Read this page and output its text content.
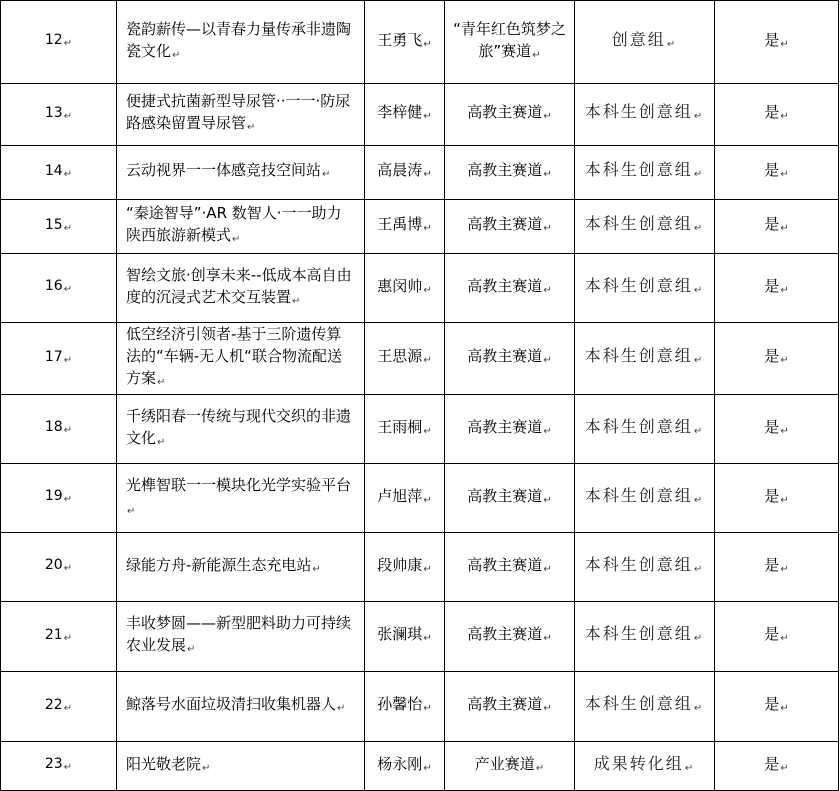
12↵	瓷韵薪传—以青春力量传承非遗陶瓷文化↵	王勇飞↵	“青年红色筑梦之旅”赛道↵	创意组↵	是↵
13↵	便捷式抗菌新型导尿管··一一·防尿路感染留置导尿管↵	李梓健↵	高教主赛道↵	本科生创意组↵	是↵
14↵	云动视界一一体感竞技空间站↵	高晨涛↵	高教主赛道↵	本科生创意组↵	是↵
15↵	“秦途智导”·AR 数智人·一一助力陕西旅游新模式↵	王禹博↵	高教主赛道↵	本科生创意组↵	是↵
16↵	智绘文旅·创享未来--低成本高自由度的沉浸式艺术交互装置↵	惠闵帅↵	高教主赛道↵	本科生创意组↵	是↵
17↵	低空经济引领者-基于三阶遗传算法的“车辆-无人机“联合物流配送方案↵	王思源↵	高教主赛道↵	本科生创意组↵	是↵
18↵	千绣阳春一传统与现代交织的非遗文化↵	王雨桐↵	高教主赛道↵	本科生创意组↵	是↵
19↵	光榫智联一一模块化光学实验平台↵	卢旭萍↵	高教主赛道↵	本科生创意组↵	是↵
20↵	绿能方舟-新能源生态充电站↵	段帅康↵	高教主赛道↵	本科生创意组↵	是↵
21↵	丰收梦圆——新型肥料助力可持续农业发展↵	张澜琪↵	高教主赛道↵	本科生创意组↵	是↵
22↵	鲸落号水面垃圾清扫收集机器人↵	孙馨怡↵	高教主赛道↵	本科生创意组↵	是↵
23↵	阳光敬老院↵	杨永刚↵	产业赛道↵	成果转化组↵	是↵
